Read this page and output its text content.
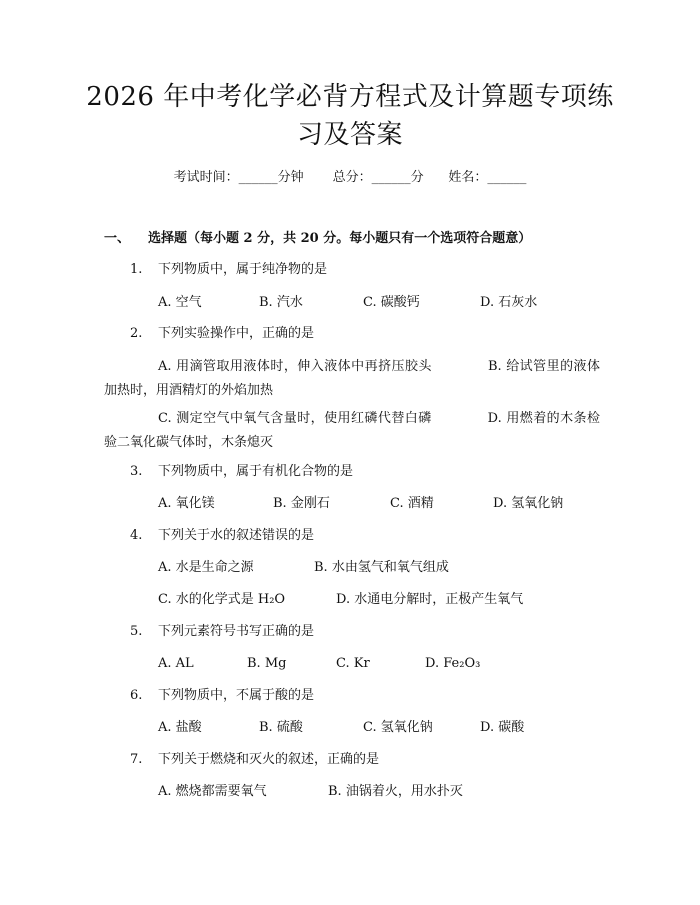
2026 年中考化学必背方程式及计算题专项练
习及答案
考试时间：______分钟 总分：______分 姓名：______
一、 选择题（每小题 2 分，共 20 分。每小题只有一个选项符合题意）
1. 下列物质中，属于纯净物的是
A. 空气	B. 汽水	C. 碳酸钙	D. 石灰水
2. 下列实验操作中，正确的是
A. 用滴管取用液体时，伸入液体中再挤压胶头	B. 给试管里的液体加热时，用酒精灯的外焰加热
C. 测定空气中氧气含量时，使用红磷代替白磷	D. 用燃着的木条检验二氧化碳气体时，木条熄灭
3. 下列物质中，属于有机化合物的是
A. 氧化镁	B. 金刚石	C. 酒精	D. 氢氧化钠
4. 下列关于水的叙述错误的是
A. 水是生命之源	B. 水由氢气和氧气组成
C. 水的化学式是 H₂O	D. 水通电分解时，正极产生氧气
5. 下列元素符号书写正确的是
A. AL	B. Mg	C. Kr	D. Fe₂O₃
6. 下列物质中，不属于酸的是
A. 盐酸	B. 硫酸	C. 氢氧化钠	D. 碳酸
7. 下列关于燃烧和灭火的叙述，正确的是
A. 燃烧都需要氧气	B. 油锅着火，用水扑灭
